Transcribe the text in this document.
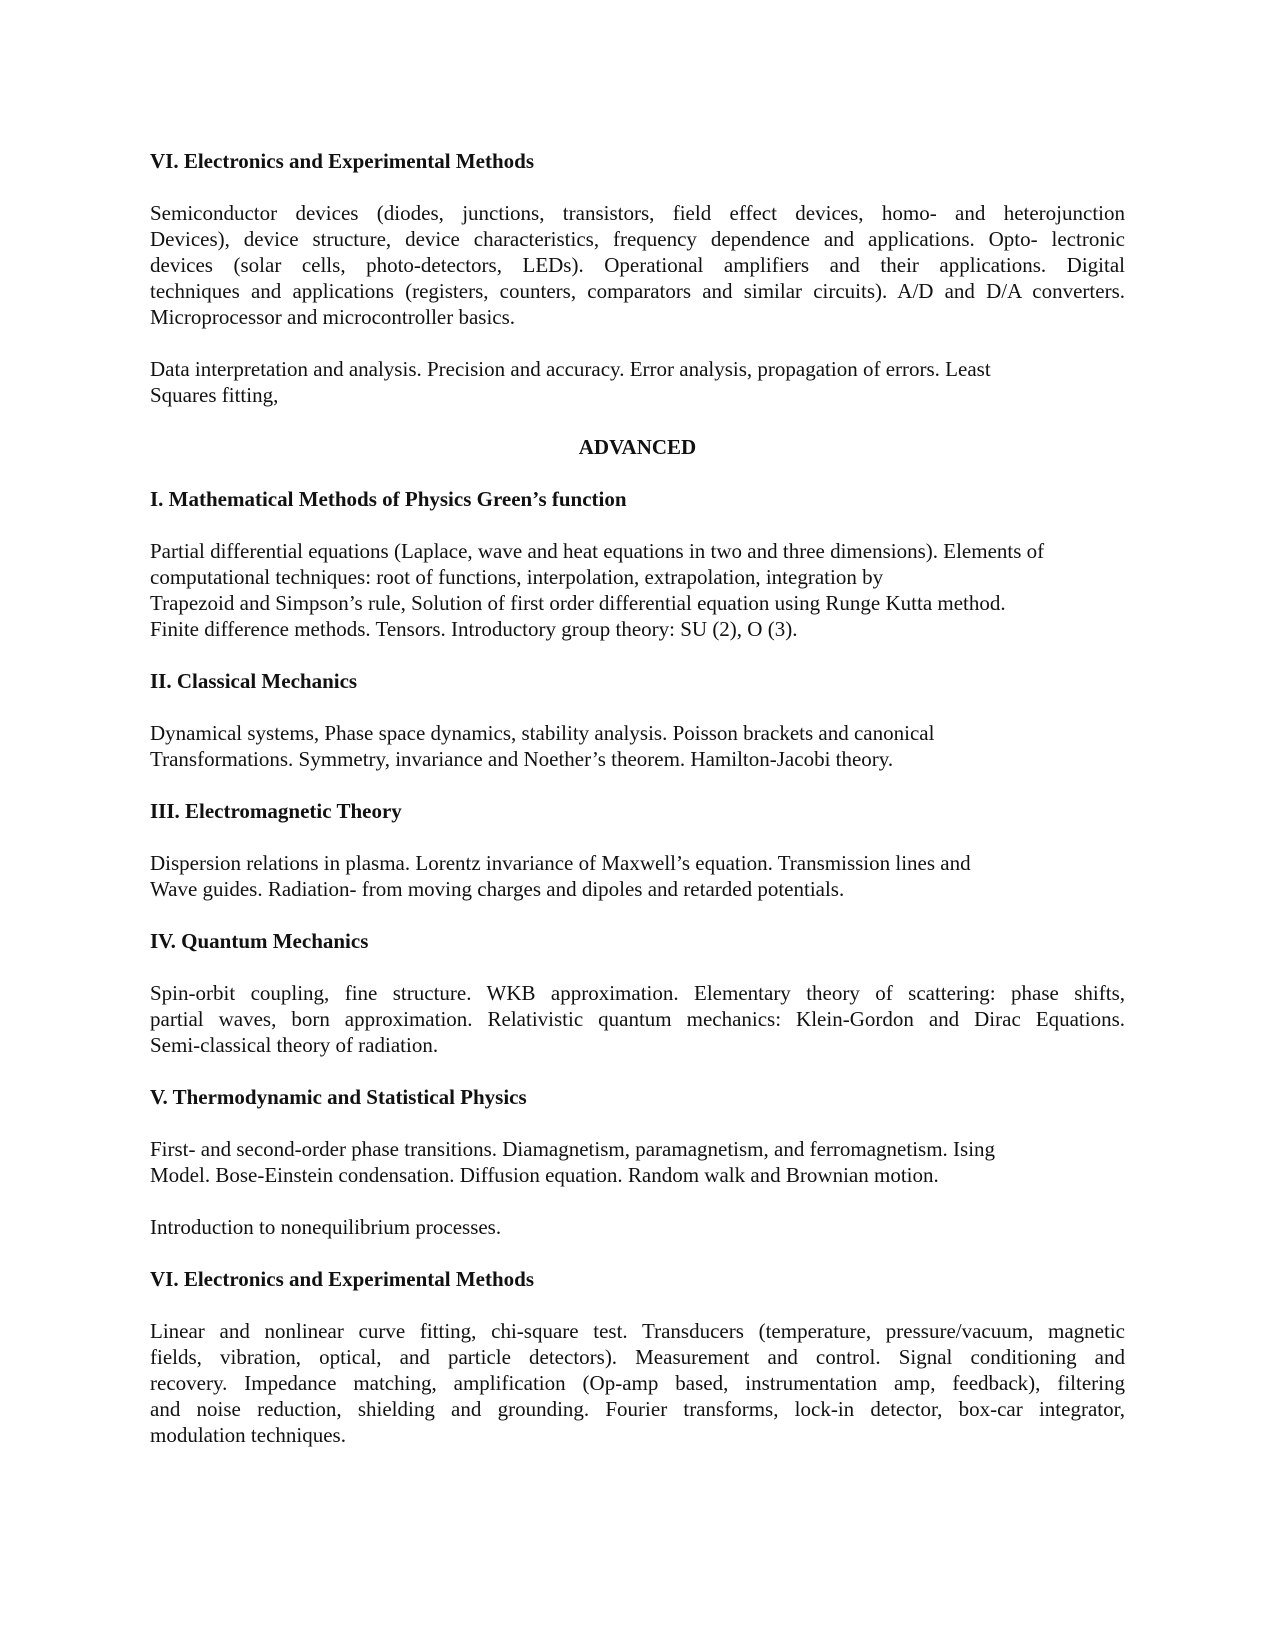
VI. Electronics and Experimental Methods

Semiconductor devices (diodes, junctions, transistors, field effect devices, homo- and heterojunction
Devices), device structure, device characteristics, frequency dependence and applications. Opto- lectronic
devices (solar cells, photo-detectors, LEDs). Operational amplifiers and their applications. Digital
techniques and applications (registers, counters, comparators and similar circuits). A/D and D/A converters.
Microprocessor and microcontroller basics.

Data interpretation and analysis. Precision and accuracy. Error analysis, propagation of errors. Least
Squares fitting,

ADVANCED

I. Mathematical Methods of Physics Green’s function

Partial differential equations (Laplace, wave and heat equations in two and three dimensions). Elements of
computational techniques: root of functions, interpolation, extrapolation, integration by
Trapezoid and Simpson’s rule, Solution of first order differential equation using Runge Kutta method.
Finite difference methods. Tensors. Introductory group theory: SU (2), O (3).

II. Classical Mechanics

Dynamical systems, Phase space dynamics, stability analysis. Poisson brackets and canonical
Transformations. Symmetry, invariance and Noether’s theorem. Hamilton-Jacobi theory.

III. Electromagnetic Theory

Dispersion relations in plasma. Lorentz invariance of Maxwell’s equation. Transmission lines and
Wave guides. Radiation- from moving charges and dipoles and retarded potentials.

IV. Quantum Mechanics

Spin-orbit coupling, fine structure. WKB approximation. Elementary theory of scattering: phase shifts,
partial waves, born approximation. Relativistic quantum mechanics: Klein-Gordon and Dirac Equations.
Semi-classical theory of radiation.

V. Thermodynamic and Statistical Physics

First- and second-order phase transitions. Diamagnetism, paramagnetism, and ferromagnetism. Ising
Model. Bose-Einstein condensation. Diffusion equation. Random walk and Brownian motion.

Introduction to nonequilibrium processes.

VI. Electronics and Experimental Methods

Linear and nonlinear curve fitting, chi-square test. Transducers (temperature, pressure/vacuum, magnetic
fields, vibration, optical, and particle detectors). Measurement and control. Signal conditioning and
recovery. Impedance matching, amplification (Op-amp based, instrumentation amp, feedback), filtering
and noise reduction, shielding and grounding. Fourier transforms, lock-in detector, box-car integrator,
modulation techniques.
